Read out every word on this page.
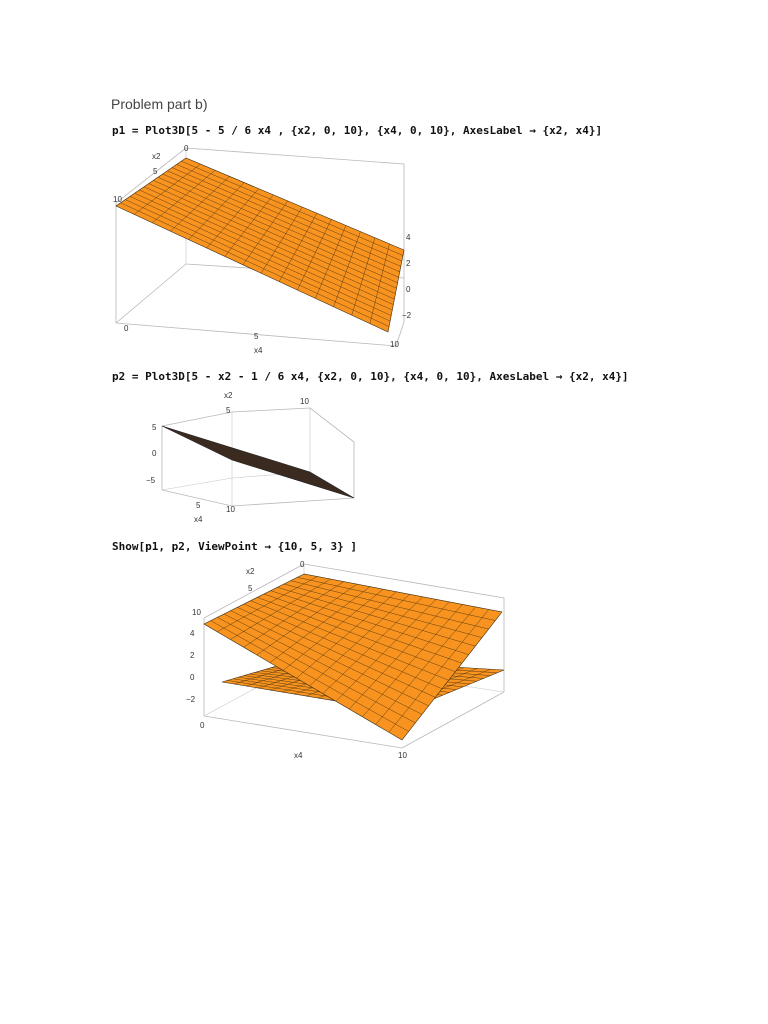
Problem part b)
p1 = Plot3D[5 - 5 / 6 x4 , {x2, 0, 10}, {x4, 0, 10}, AxesLabel → {x2, x4}]
x2
x4
0
5
10
0
5
10
4
2
0
−2
p2 = Plot3D[5 - x2 - 1 / 6 x4, {x2, 0, 10}, {x4, 0, 10}, AxesLabel → {x2, x4}]
x2
x4
5
10
5	10
5
0
−5
Show[p1, p2, ViewPoint → {10, 5, 3} ]
x2
x4
0
5
10
0
10
4
2
0
−2
